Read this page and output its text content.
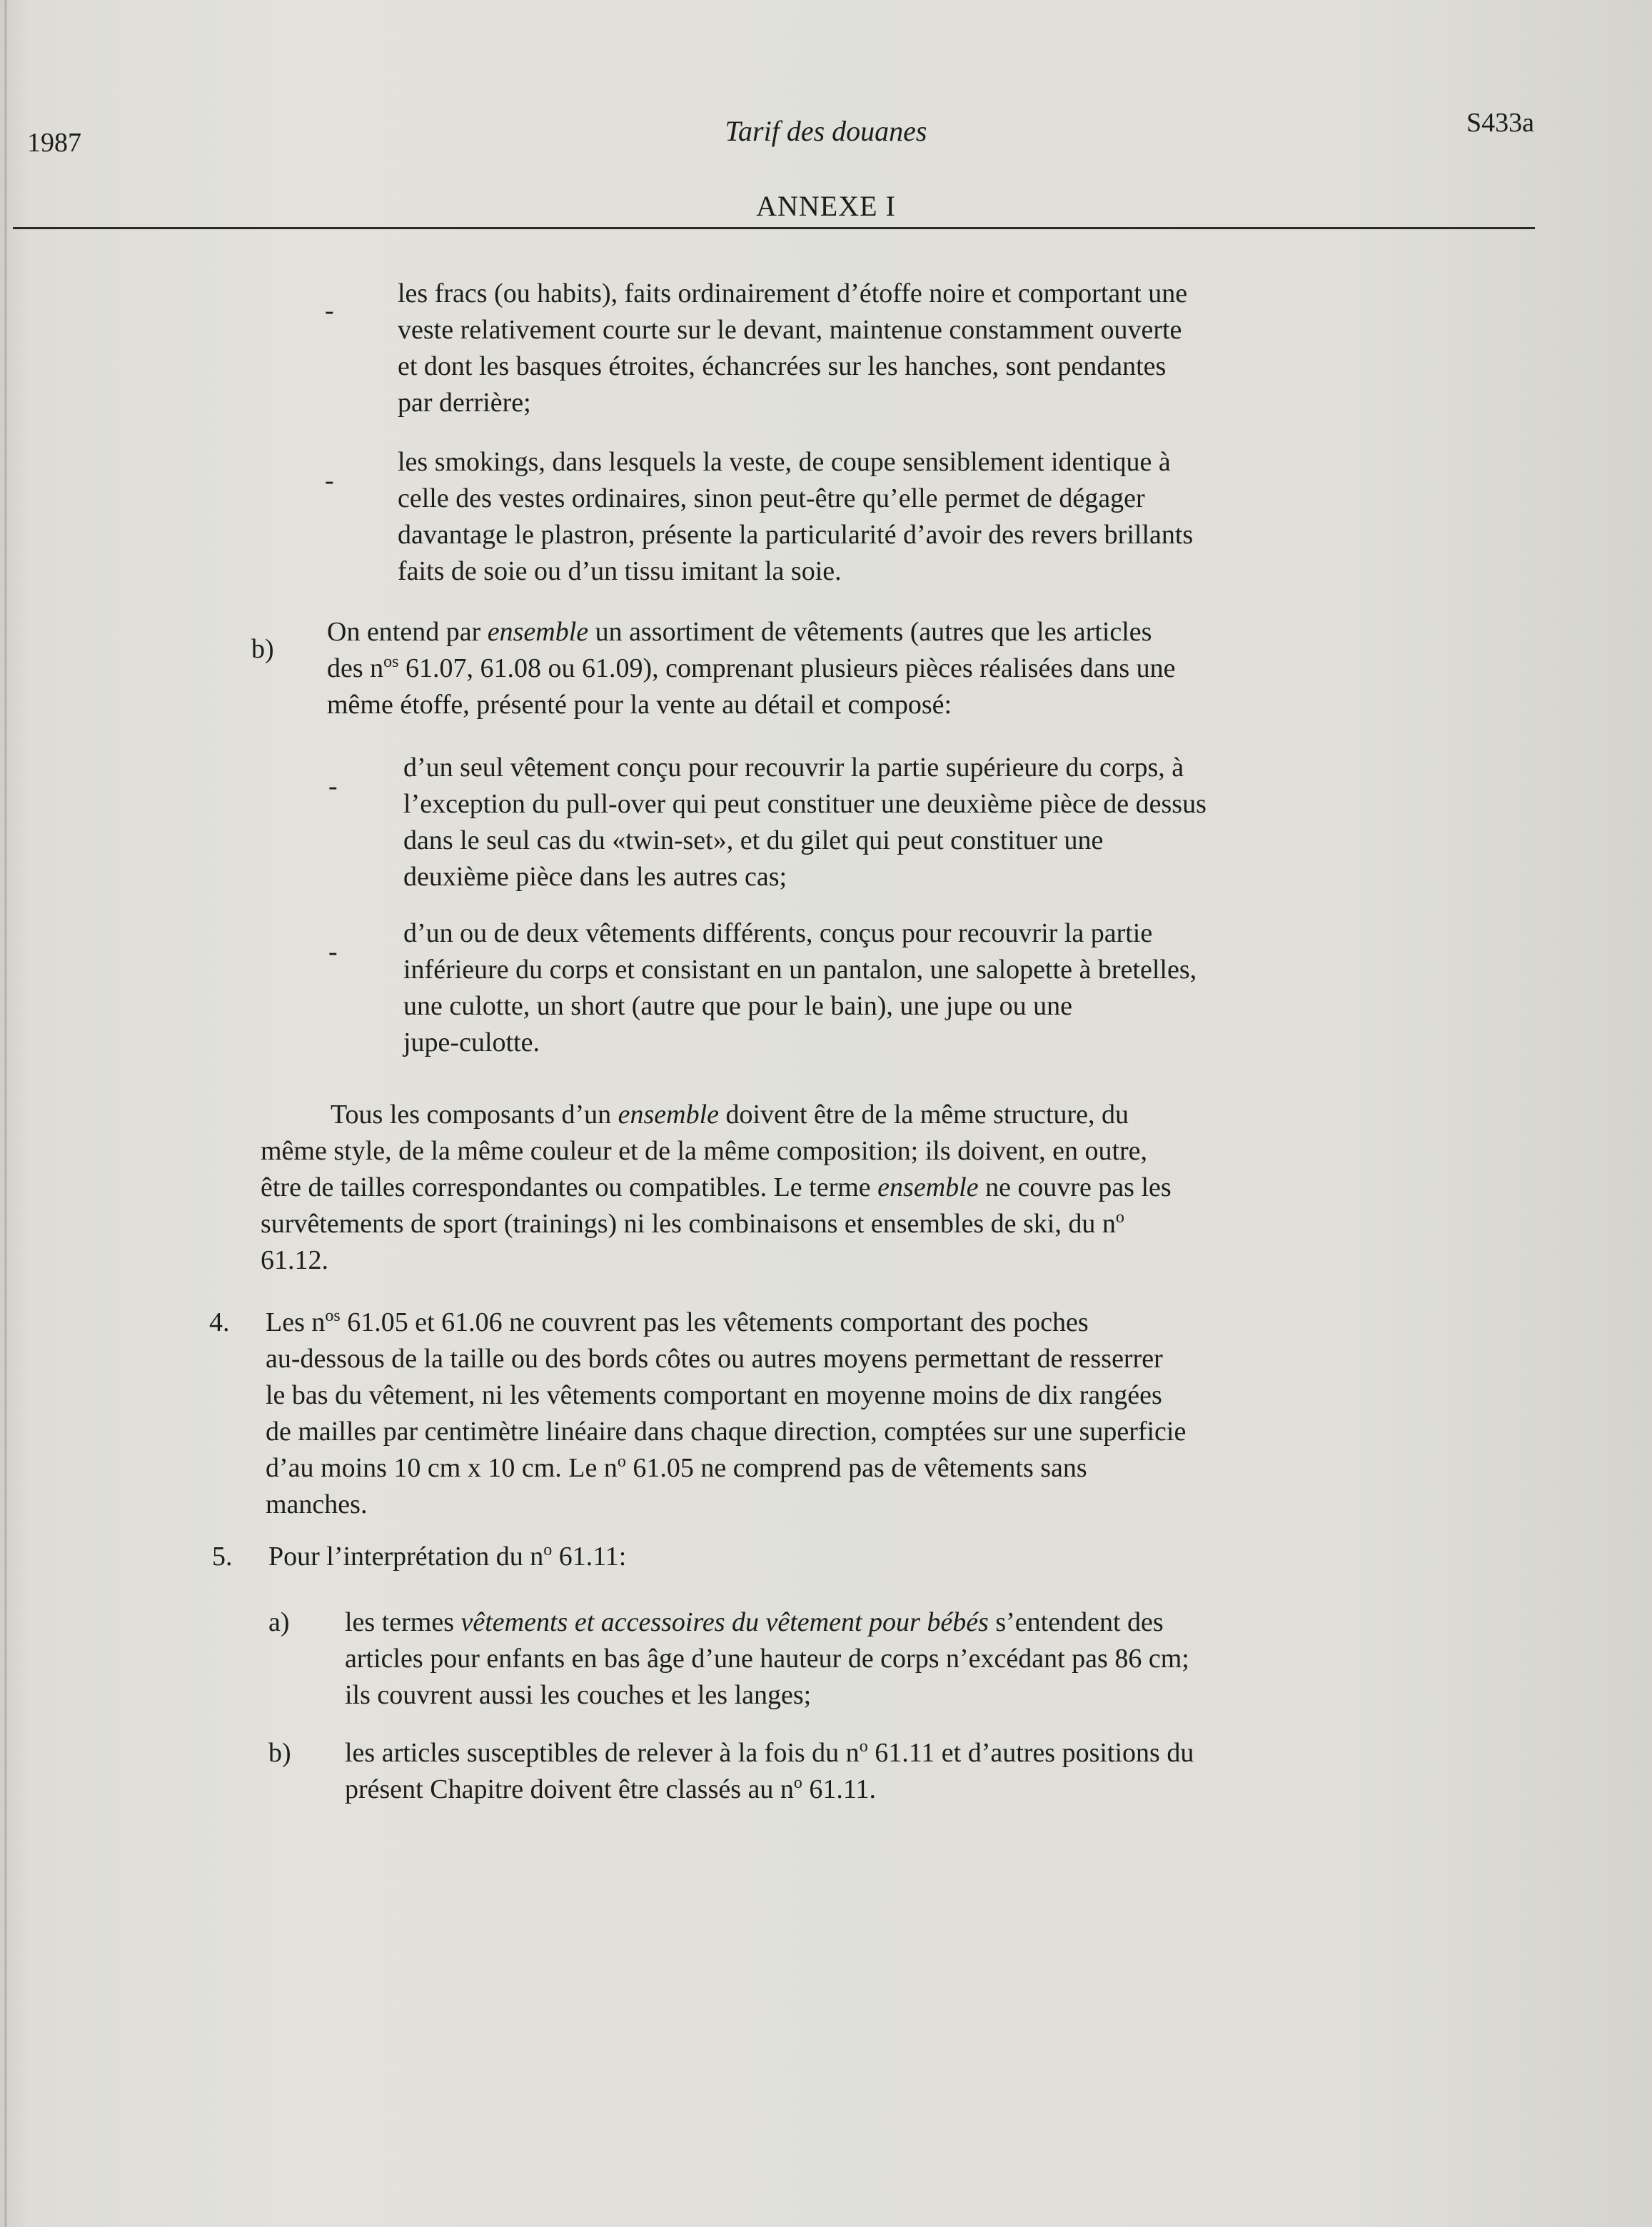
1987	Tarif des douanes	S433a
ANNEXE I
-
les fracs (ou habits), faits ordinairement d’étoffe noire et comportant une
veste relativement courte sur le devant, maintenue constamment ouverte
et dont les basques étroites, échancrées sur les hanches, sont pendantes
par derrière;
-
les smokings, dans lesquels la veste, de coupe sensiblement identique à
celle des vestes ordinaires, sinon peut-être qu’elle permet de dégager
davantage le plastron, présente la particularité d’avoir des revers brillants
faits de soie ou d’un tissu imitant la soie.
b)
On entend par ensemble un assortiment de vêtements (autres que les articles
des $n^{os}$ 61.07, 61.08 ou 61.09), comprenant plusieurs pièces réalisées dans une
même étoffe, présenté pour la vente au détail et composé:
-
d’un seul vêtement conçu pour recouvrir la partie supérieure du corps, à
l’exception du pull-over qui peut constituer une deuxième pièce de dessus
dans le seul cas du «twin-set», et du gilet qui peut constituer une
deuxième pièce dans les autres cas;
-
d’un ou de deux vêtements différents, conçus pour recouvrir la partie
inférieure du corps et consistant en un pantalon, une salopette à bretelles,
une culotte, un short (autre que pour le bain), une jupe ou une
jupe-culotte.
Tous les composants d’un ensemble doivent être de la même structure, du
même style, de la même couleur et de la même composition; ils doivent, en outre,
être de tailles correspondantes ou compatibles. Le terme ensemble ne couvre pas les
survêtements de sport (trainings) ni les combinaisons et ensembles de ski, du $n^o$
61.12.
4. Les $n^{os}$ 61.05 et 61.06 ne couvrent pas les vêtements comportant des poches
au-dessous de la taille ou des bords côtes ou autres moyens permettant de resserrer
le bas du vêtement, ni les vêtements comportant en moyenne moins de dix rangées
de mailles par centimètre linéaire dans chaque direction, comptées sur une superficie
d’au moins 10 cm x 10 cm. Le $n^o$ 61.05 ne comprend pas de vêtements sans
manches.
5. Pour l’interprétation du $n^o$ 61.11:
a) les termes vêtements et accessoires du vêtement pour bébés s’entendent des
articles pour enfants en bas âge d’une hauteur de corps n’excédant pas 86 cm;
ils couvrent aussi les couches et les langes;
b) les articles susceptibles de relever à la fois du $n^o$ 61.11 et d’autres positions du
présent Chapitre doivent être classés au $n^o$ 61.11.
